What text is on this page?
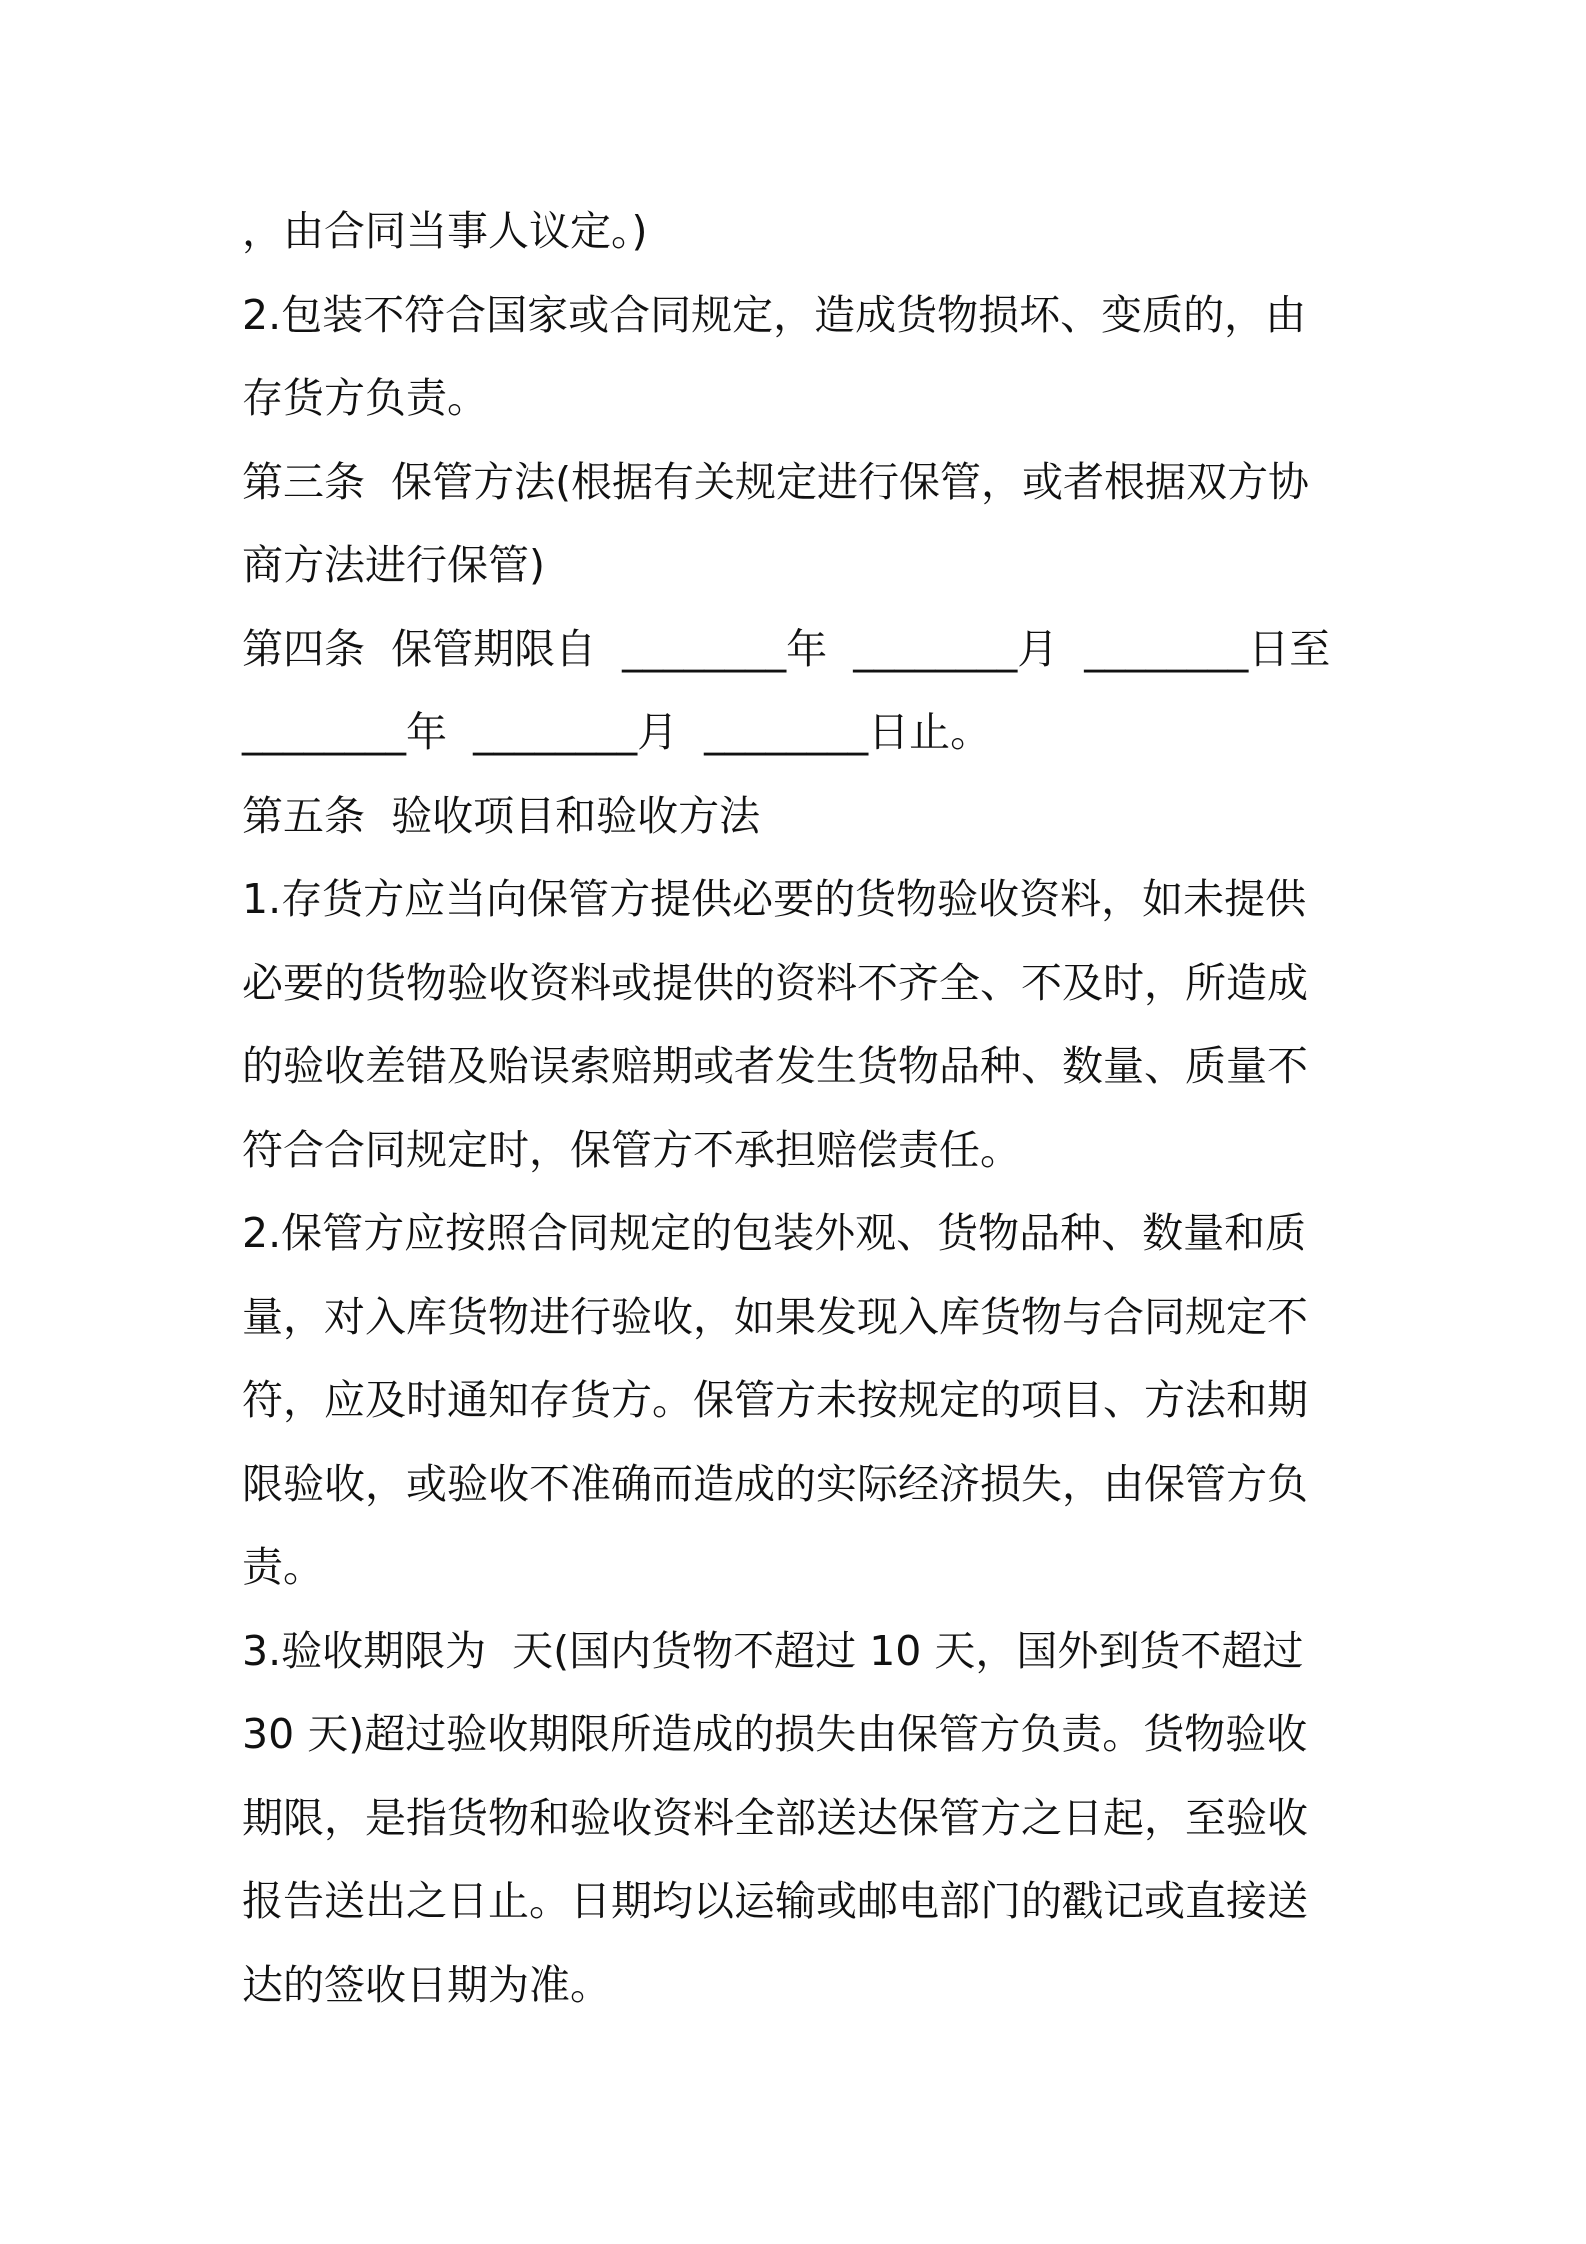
，由合同当事人议定。)
2.包装不符合国家或合同规定，造成货物损坏、变质的，由
存货方负责。
第三条  保管方法(根据有关规定进行保管，或者根据双方协
商方法进行保管)
第四条  保管期限自  ________年  ________月  ________日至
________年  ________月  ________日止。
第五条  验收项目和验收方法
1.存货方应当向保管方提供必要的货物验收资料，如未提供
必要的货物验收资料或提供的资料不齐全、不及时，所造成
的验收差错及贻误索赔期或者发生货物品种、数量、质量不
符合合同规定时，保管方不承担赔偿责任。
2.保管方应按照合同规定的包装外观、货物品种、数量和质
量，对入库货物进行验收，如果发现入库货物与合同规定不
符，应及时通知存货方。保管方未按规定的项目、方法和期
限验收，或验收不准确而造成的实际经济损失，由保管方负
责。
3.验收期限为  天(国内货物不超过 10 天，国外到货不超过
30 天)超过验收期限所造成的损失由保管方负责。货物验收
期限，是指货物和验收资料全部送达保管方之日起，至验收
报告送出之日止。日期均以运输或邮电部门的戳记或直接送
达的签收日期为准。
